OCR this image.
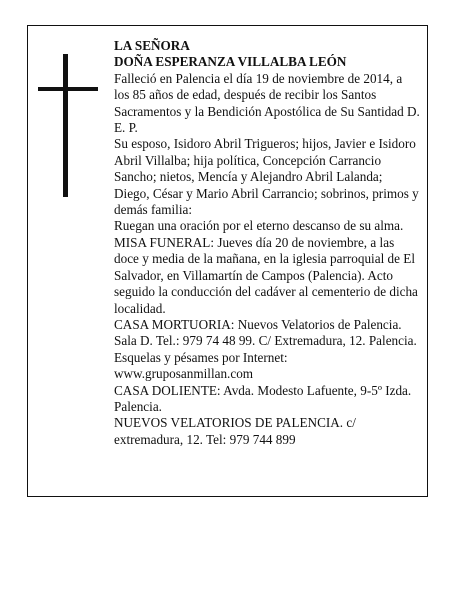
LA SEÑORA

DOÑA ESPERANZA VILLALBA LEÓN

Falleció en Palencia el día 19 de noviembre de 2014, a los 85 años de edad, después de recibir los Santos Sacramentos y la Bendición Apostólica de Su Santidad D. E. P.

Su esposo, Isidoro Abril Trigueros; hijos, Javier e Isidoro Abril Villalba; hija política, Concepción Carrancio Sancho; nietos, Mencía y Alejandro Abril Lalanda; Diego, César y Mario Abril Carrancio; sobrinos, primos y demás familia:

Ruegan una oración por el eterno descanso de su alma.

MISA FUNERAL: Jueves día 20 de noviembre, a las doce y media de la mañana, en la iglesia parroquial de El Salvador, en Villamartín de Campos (Palencia). Acto seguido la conducción del cadáver al cementerio de dicha localidad.

CASA MORTUORIA: Nuevos Velatorios de Palencia. Sala D. Tel.: 979 74 48 99. C/ Extremadura, 12. Palencia.

Esquelas y pésames por Internet: www.gruposanmillan.com

CASA DOLIENTE: Avda. Modesto Lafuente, 9-5º Izda. Palencia.

NUEVOS VELATORIOS DE PALENCIA. c/ extremadura, 12. Tel: 979 744 899
